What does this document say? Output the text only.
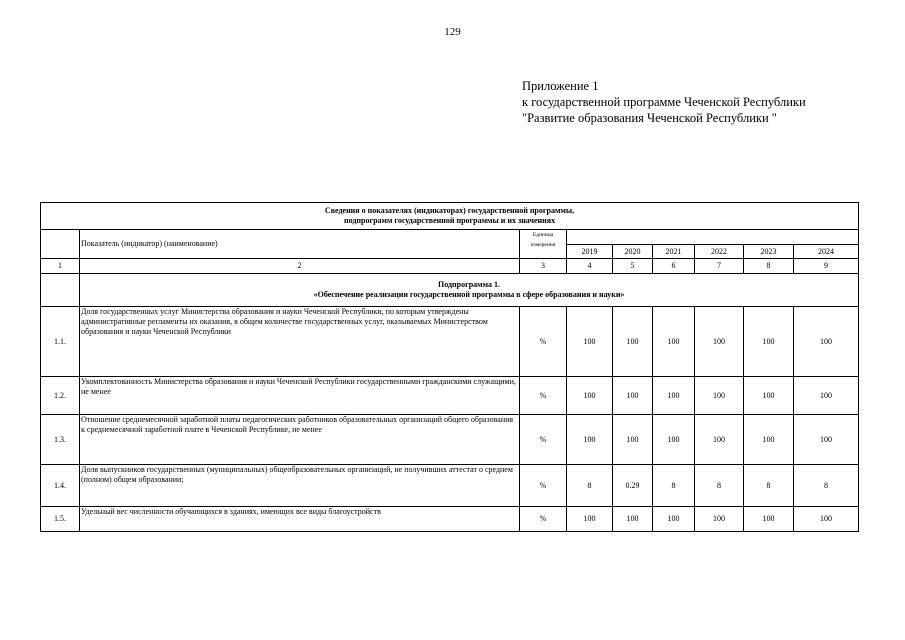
129
Приложение 1
к государственной программе Чеченской Республики
"Развитие образования Чеченской Республики "
Сведения о показателях (индикаторах) государственной программы,
подпрограмм государственной программы и их значениях								

	Показатель (индикатор) (наименование)	Единица измерения						
			2019	2020	2021	2022	2023	2024
1	2	3	4	5	6	7	8	9

	Подпрограмма 1.
«Обеспечение реализации государственной программы в сфере образования и науки»							

1.1.	Доля государственных услуг Министерства образования и науки Чеченской Республики, по которым утверждены административные регламенты их оказания, в общем количестве государственных услуг, оказываемых Министерством образования и науки Чеченской Республики	%	100	100	100	100	100	100
1.2.	Укомплектованность Министерства образования и науки Чеченской Республики государственными гражданскими служащими, не менее	%	100	100	100	100	100	100
1.3.	Отношение среднемесячной заработной платы педагогических работников образовательных организаций общего образования к среднемесячной заработной плате в Чеченской Республике, не менее	%	100	100	100	100	100	100
1.4.	Доля выпускников государственных (муниципальных) общеобразовательных организаций, не получивших аттестат о среднем (полном) общем образовании;	%	8	0.29	8	8	8	8
1.5.	Удельный вес численности обучающихся в зданиях, имеющих все виды благоустройств	%	100	100	100	100	100	100
